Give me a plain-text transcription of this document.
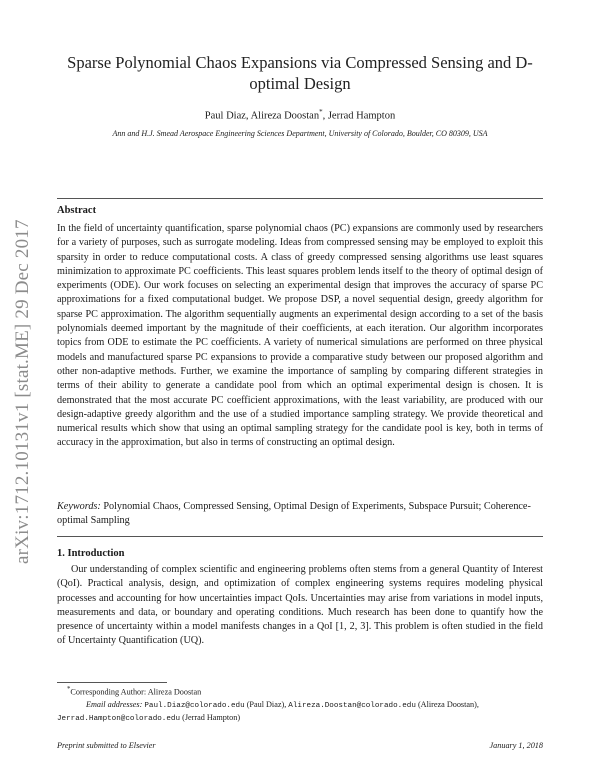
arXiv:1712.10131v1 [stat.ME] 29 Dec 2017
Sparse Polynomial Chaos Expansions via Compressed Sensing and D-optimal Design
Paul Diaz, Alireza Doostan*, Jerrad Hampton
Ann and H.J. Smead Aerospace Engineering Sciences Department, University of Colorado, Boulder, CO 80309, USA
Abstract

In the field of uncertainty quantification, sparse polynomial chaos (PC) expansions are commonly used by researchers for a variety of purposes, such as surrogate modeling. Ideas from compressed sensing may be employed to exploit this sparsity in order to reduce computational costs. A class of greedy compressed sensing algorithms use least squares minimization to approximate PC coefficients. This least squares problem lends itself to the theory of optimal design of experiments (ODE). Our work focuses on selecting an experimental design that improves the accuracy of sparse PC approximations for a fixed computational budget. We propose DSP, a novel sequential design, greedy algorithm for sparse PC approximation. The algorithm sequentially augments an experimental design according to a set of the basis polynomials deemed important by the magnitude of their coefficients, at each iteration. Our algorithm incorporates topics from ODE to estimate the PC coefficients. A variety of numerical simulations are performed on three physical models and manufactured sparse PC expansions to provide a comparative study between our proposed algorithm and other non-adaptive methods. Further, we examine the importance of sampling by comparing different strategies in terms of their ability to generate a candidate pool from which an optimal experimental design is chosen. It is demonstrated that the most accurate PC coefficient approximations, with the least variability, are produced with our design-adaptive greedy algorithm and the use of a studied importance sampling strategy. We provide theoretical and numerical results which show that using an optimal sampling strategy for the candidate pool is key, both in terms of accuracy in the approximation, but also in terms of constructing an optimal design.

Keywords: Polynomial Chaos, Compressed Sensing, Optimal Design of Experiments, Subspace Pursuit; Coherence-optimal Sampling

1. Introduction

Our understanding of complex scientific and engineering problems often stems from a general Quantity of Interest (QoI). Practical analysis, design, and optimization of complex engineering systems requires modeling physical processes and accounting for how uncertainties impact QoIs. Uncertainties may arise from variations in model inputs, measurements and data, or boundary and operating conditions. Much research has been done to quantify how the presence of uncertainty within a model manifests changes in a QoI [1, 2, 3]. This problem is often studied in the field of Uncertainty Quantification (UQ).

*Corresponding Author: Alireza Doostan
Email addresses: Paul.Diaz@colorado.edu (Paul Diaz), Alireza.Doostan@colorado.edu (Alireza Doostan), Jerrad.Hampton@colorado.edu (Jerrad Hampton)
Preprint submitted to Elsevier	January 1, 2018
